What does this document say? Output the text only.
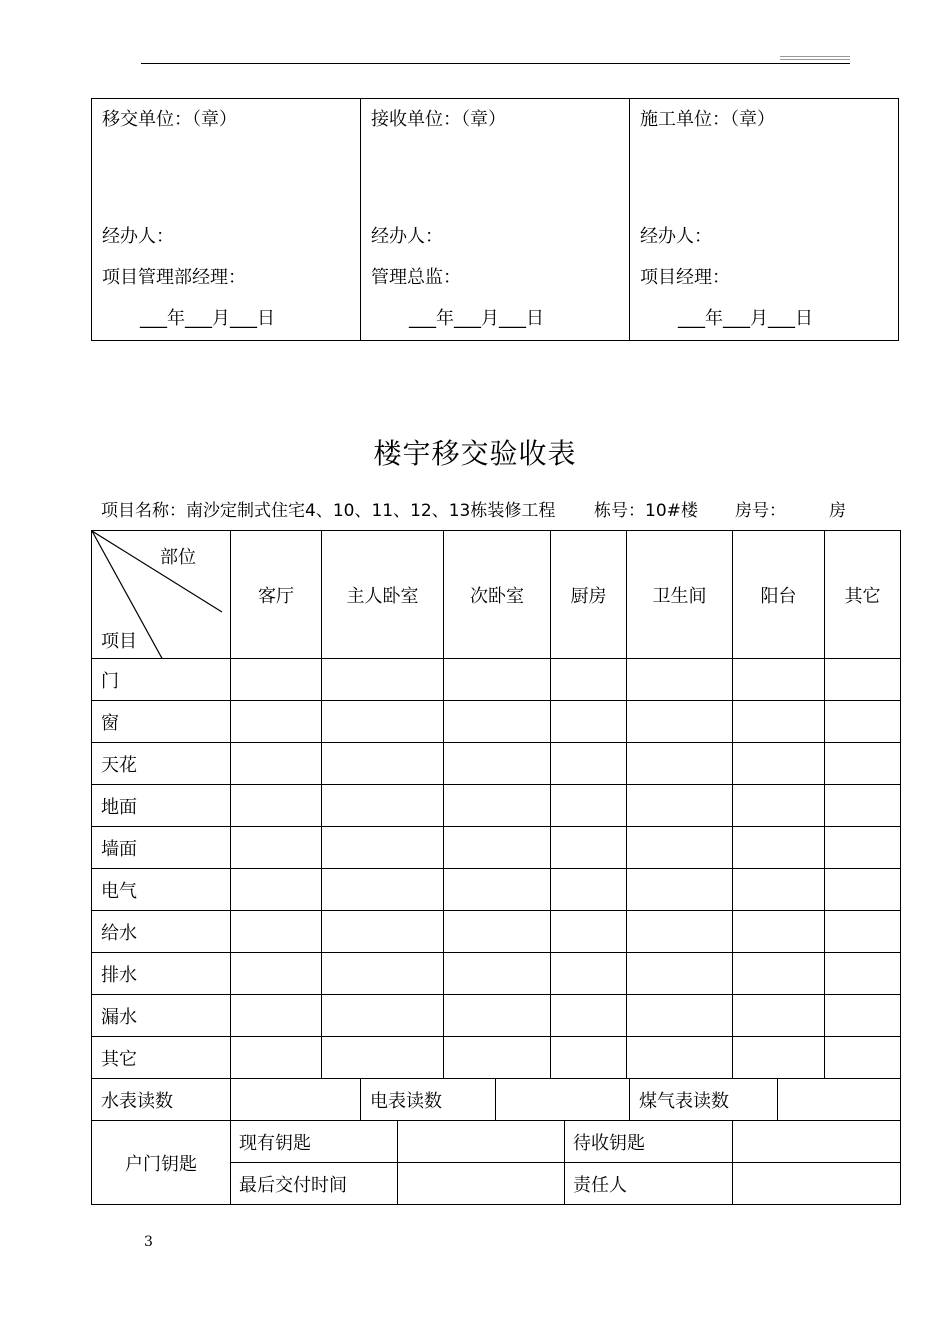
移交单位：（章）
经办人：
项目管理部经理：
___年___月___日
接收单位：（章）
经办人：
管理总监：
___年___月___日
施工单位：（章）
经办人：
项目经理：
___年___月___日
楼宇移交验收表
项目名称：南沙定制式住宅4、10、11、12、13栋装修工程 栋号：10#楼 房号：	房
部位
项目	客厅	主人卧室	次卧室	厨房	卫生间	阳台	其它
门							
窗							
天花							
地面							
墙面							
电气							
给水							
排水							
漏水							
其它							
水表读数		电表读数		煤气表读数	
户门钥匙	现有钥匙		待收钥匙	
	最后交付时间		责任人	
3
